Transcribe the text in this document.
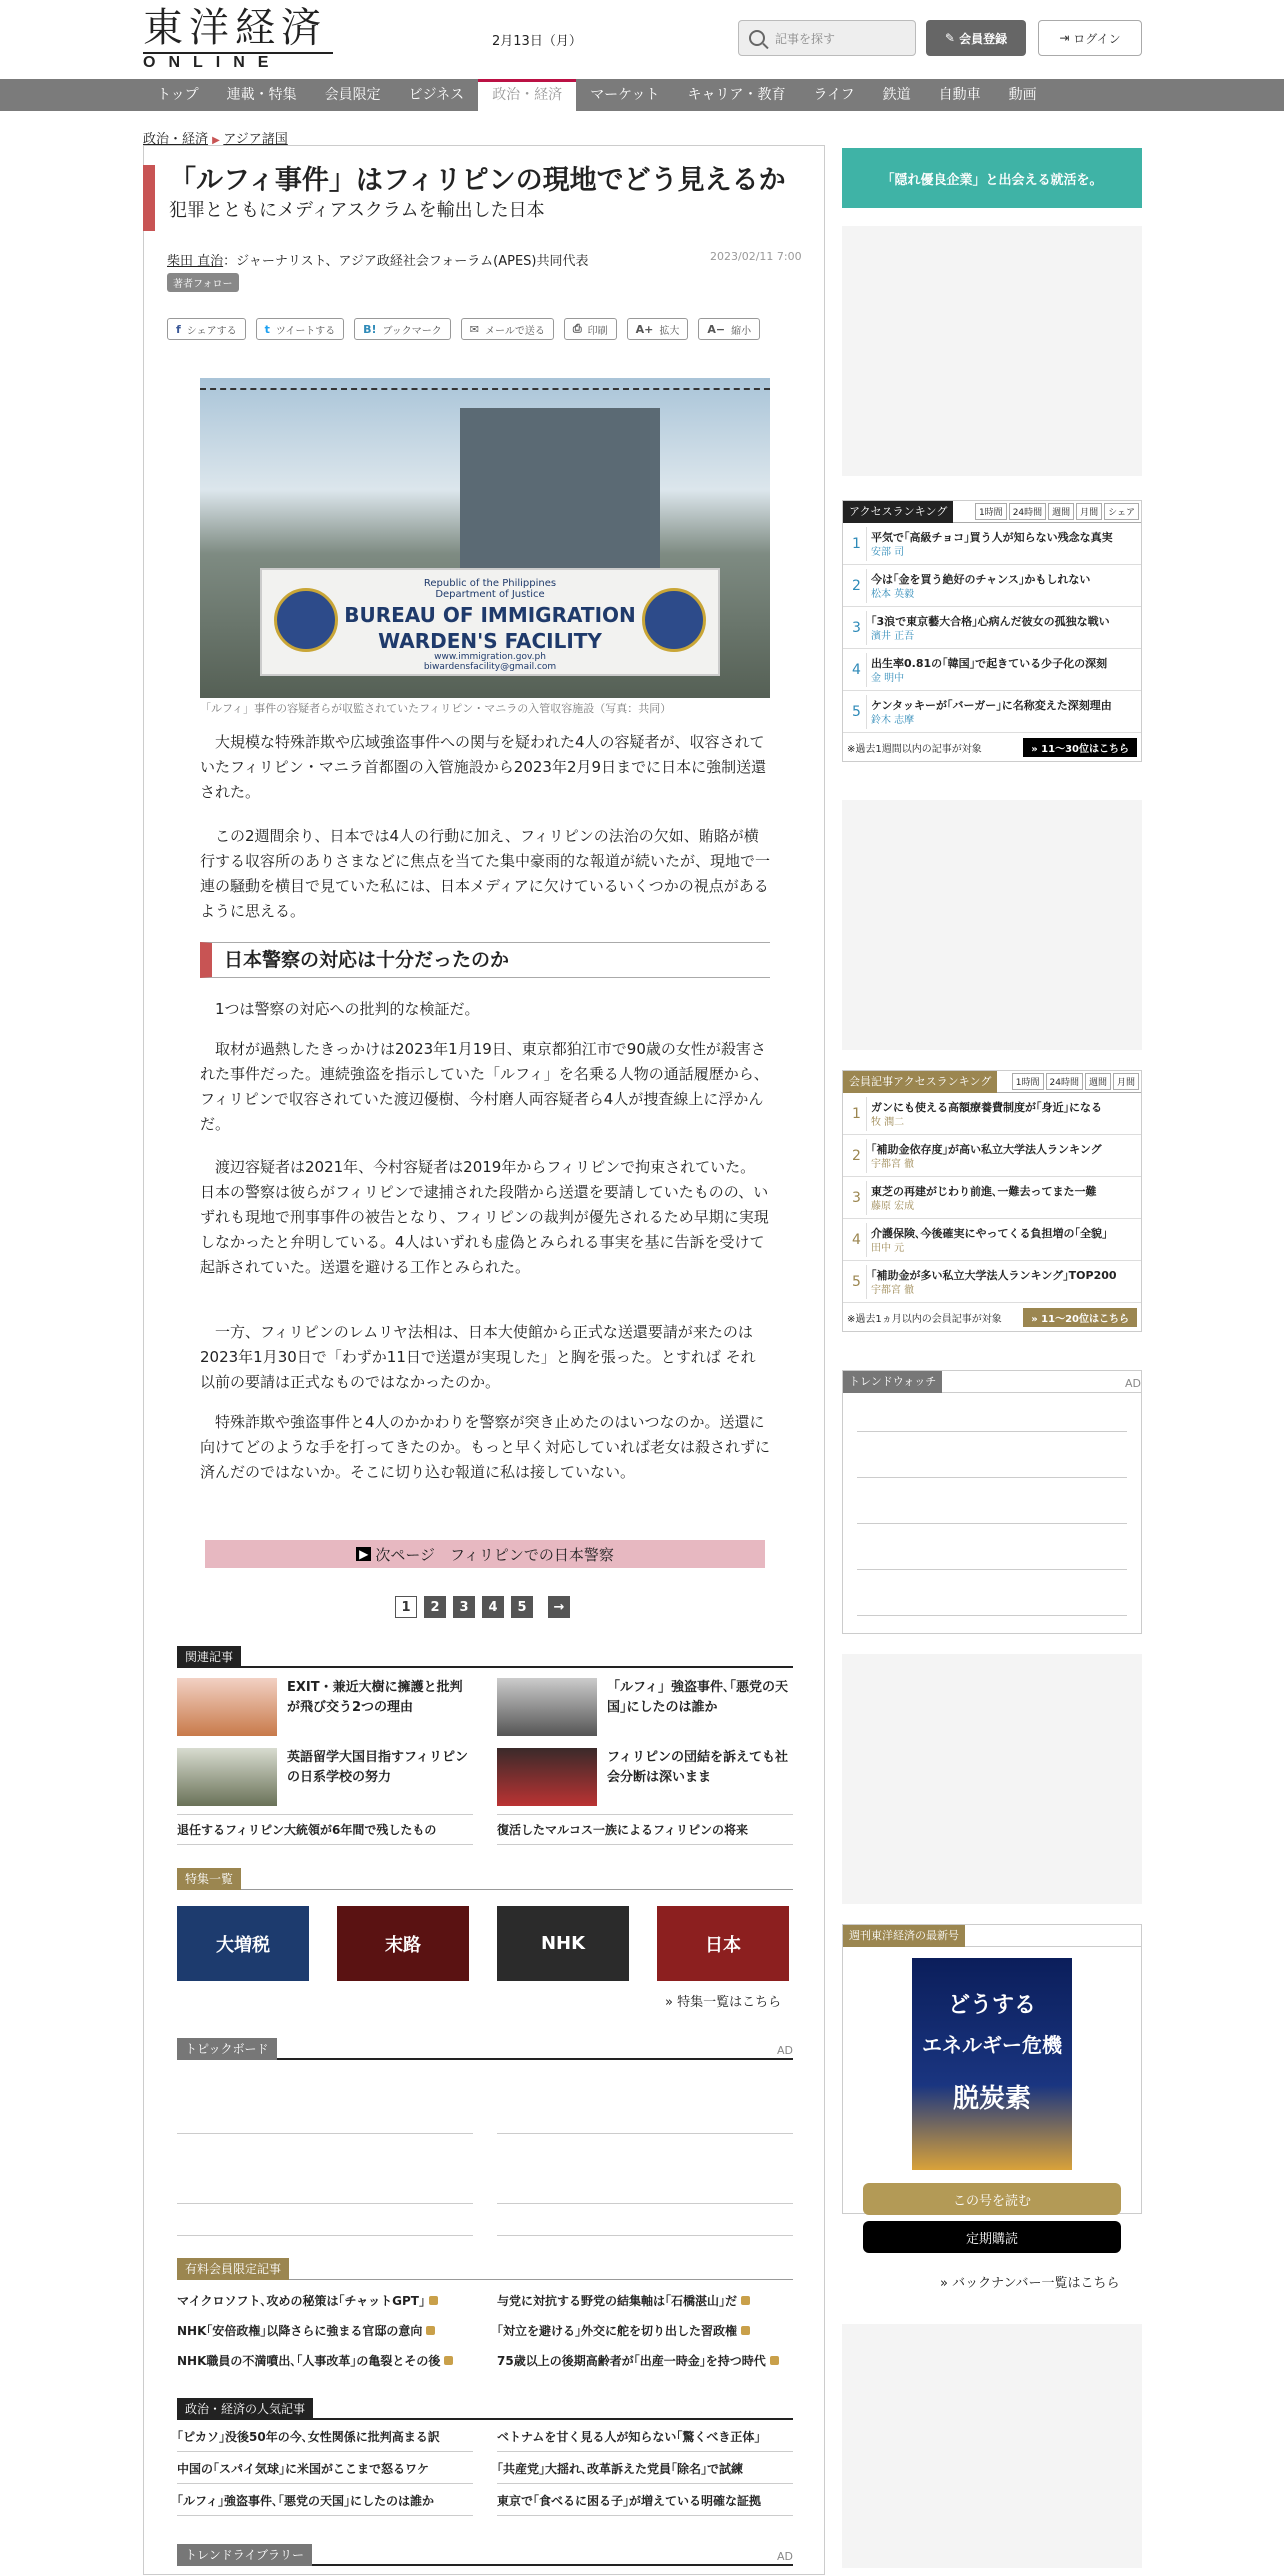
東洋経済
ONLINE
2月13日（月）	記事を探す	✎ 会員登録	⇥ ログイン
トップ	連載・特集	会員限定	ビジネス	政治・経済	マーケット	キャリア・教育	ライフ	鉄道	自動車	動画
政治・経済 ▶ アジア諸国
「ルフィ事件」はフィリピンの現地でどう見えるか
犯罪とともにメディアスクラムを輸出した日本
柴田 直治：ジャーナリスト、アジア政経社会フォーラム(APES)共同代表	2023/02/11 7:00
著者フォロー
f シェアする	t ツイートする	B! ブックマーク	✉ メールで送る	⎙ 印刷	A+ 拡大	A− 縮小
Republic of the Philippines
Department of Justice
BUREAU OF IMMIGRATION
WARDEN'S FACILITY
www.immigration.gov.ph
biwardensfacility@gmail.com
「ルフィ」事件の容疑者らが収監されていたフィリピン・マニラの入管収容施設（写真：共同）

大規模な特殊詐欺や広域強盗事件への関与を疑われた4人の容疑者が、収容されていたフィリピン・マニラ首都圏の入管施設から2023年2月9日までに日本に強制送還された。

この2週間余り、日本では4人の行動に加え、フィリピンの法治の欠如、賄賂が横行する収容所のありさまなどに焦点を当てた集中豪雨的な報道が続いたが、現地で一連の騒動を横目で見ていた私には、日本メディアに欠けているいくつかの視点があるように思える。

日本警察の対応は十分だったのか

1つは警察の対応への批判的な検証だ。

取材が過熱したきっかけは2023年1月19日、東京都狛江市で90歳の女性が殺害された事件だった。連続強盗を指示していた「ルフィ」を名乗る人物の通話履歴から、フィリピンで収容されていた渡辺優樹、今村磨人両容疑者ら4人が捜査線上に浮かんだ。

渡辺容疑者は2021年、今村容疑者は2019年からフィリピンで拘束されていた。日本の警察は彼らがフィリピンで逮捕された段階から送還を要請していたものの、いずれも現地で刑事事件の被告となり、フィリピンの裁判が優先されるため早期に実現しなかったと弁明している。4人はいずれも虚偽とみられる事実を基に告訴を受けて起訴されていた。送還を避ける工作とみられた。

一方、フィリピンのレムリヤ法相は、日本大使館から正式な送還要請が来たのは2023年1月30日で「わずか11日で送還が実現した」と胸を張った。とすれば それ以前の要請は正式なものではなかったのか。

特殊詐欺や強盗事件と4人のかかわりを警察が突き止めたのはいつなのか。送還に向けてどのような手を打ってきたのか。もっと早く対応していれば老女は殺されずに済んだのではないか。そこに切り込む報道に私は接していない。

▶ 次ページ　フィリピンでの日本警察
1	2	3	4	5	→
関連記事
EXIT・兼近大樹に擁護と批判が飛び交う2つの理由
「ルフィ」強盗事件､｢悪党の天国｣にしたのは誰か
英語留学大国目指すフィリピンの日系学校の努力
フィリピンの団結を訴えても社会分断は深いまま
退任するフィリピン大統領が6年間で残したもの	復活したマルコス一族によるフィリピンの将来
特集一覧
大増税	末路	NHK	日本
» 特集一覧はこちら
トピックボード	AD
有料会員限定記事
マイクロソフト､攻めの秘策は｢チャットGPT｣	与党に対抗する野党の結集軸は｢石橋湛山｣だ
NHK｢安倍政権｣以降さらに強まる官邸の意向	｢対立を避ける｣外交に舵を切り出した習政権
NHK職員の不満噴出､｢人事改革｣の亀裂とその後	75歳以上の後期高齢者が｢出産一時金｣を持つ時代
政治・経済の人気記事
｢ピカソ｣没後50年の今､女性関係に批判高まる訳	ベトナムを甘く見る人が知らない｢驚くべき正体｣
中国の｢スパイ気球｣に米国がここまで怒るワケ	｢共産党｣大揺れ､改革訴えた党員｢除名｣で試練
｢ルフィ｣強盗事件､｢悪党の天国｣にしたのは誰か	東京で｢食べるに困る子｣が増えている明確な証拠
トレンドライブラリー	AD
「隠れ優良企業」と出会える就活を。
アクセスランキング	1時間	24時間	週間	月間	シェア
1 平気で｢高級チョコ｣買う人が知らない残念な真実
安部 司
2 今は｢金を買う絶好のチャンス｣かもしれない
松本 英毅
3 ｢3浪で東京藝大合格｣心病んだ彼女の孤独な戦い
濱井 正吾
4 出生率0.81の｢韓国｣で起きている少子化の深刻
金 明中
5 ケンタッキーが｢バーガー｣に名称変えた深刻理由
鈴木 志摩
※過去1週間以内の記事が対象	» 11～30位はこちら
会員記事アクセスランキング	1時間	24時間	週間	月間
1 ガンにも使える高額療養費制度が｢身近｣になる
牧 潤二
2 ｢補助金依存度｣が高い私立大学法人ランキング
宇都宮 徹
3 東芝の再建がじわり前進､一難去ってまた一難
藤原 宏成
4 介護保険､今後確実にやってくる負担増の｢全貌｣
田中 元
5 ｢補助金が多い私立大学法人ランキング｣TOP200
宇都宮 徹
※過去1ヵ月以内の会員記事が対象	» 11～20位はこちら
トレンドウォッチ	AD
週刊東洋経済の最新号
どうする
エネルギー危機
脱炭素
この号を読む
定期購読
» バックナンバー一覧はこちら
